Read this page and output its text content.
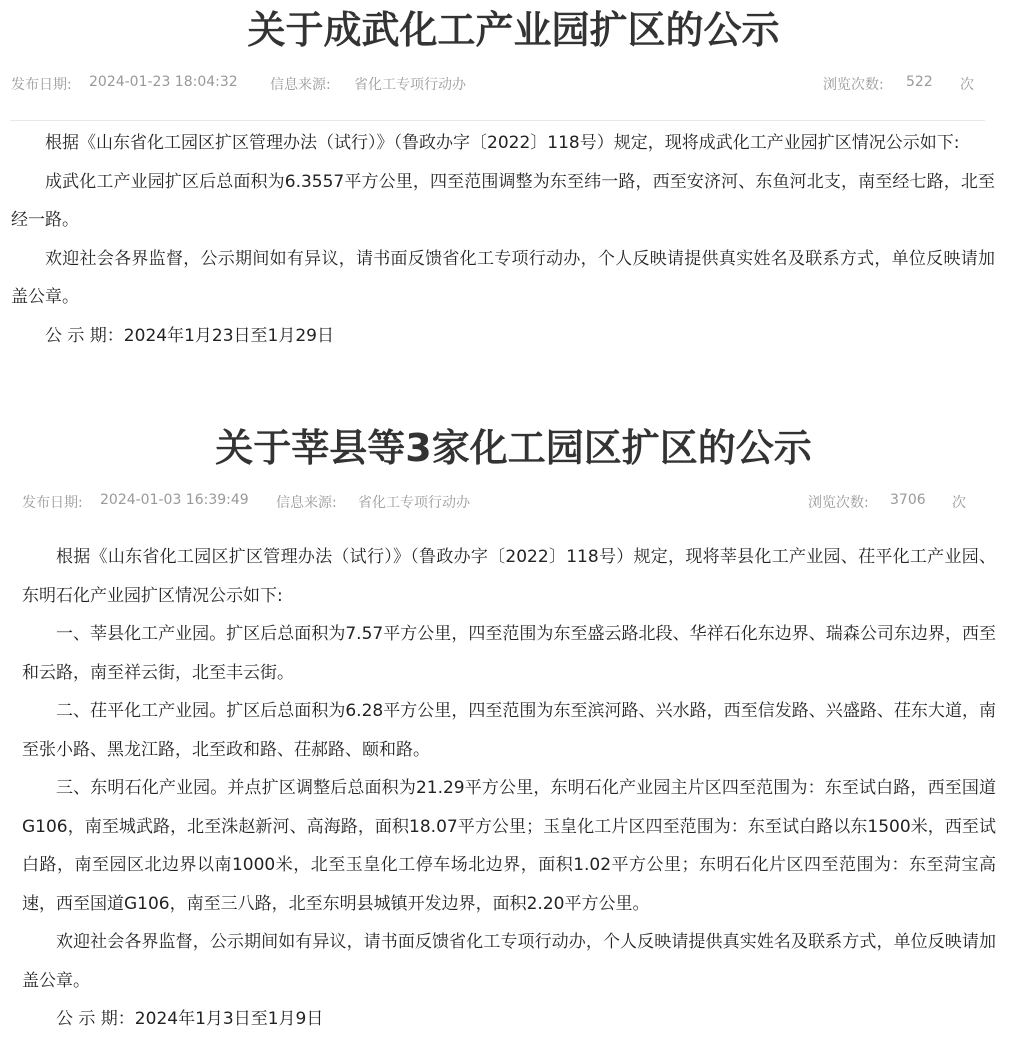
关于成武化工产业园扩区的公示
发布日期: 2024-01-23 18:04:32 信息来源: 省化工专项行动办	浏览次数: 522 次

根据《山东省化工园区扩区管理办法（试行）》（鲁政办字〔2022〕118号）规定，现将成武化工产业园扩区情况公示如下:

成武化工产业园扩区后总面积为6.3557平方公里，四至范围调整为东至纬一路，西至安济河、东鱼河北支，南至经七路，北至经一路。

欢迎社会各界监督，公示期间如有异议，请书面反馈省化工专项行动办，个人反映请提供真实姓名及联系方式，单位反映请加盖公章。

公 示 期：2024年1月23日至1月29日

关于莘县等3家化工园区扩区的公示
发布日期: 2024-01-03 16:39:49 信息来源: 省化工专项行动办	浏览次数: 3706 次

根据《山东省化工园区扩区管理办法（试行）》（鲁政办字〔2022〕118号）规定，现将莘县化工产业园、茌平化工产业园、东明石化产业园扩区情况公示如下:

一、莘县化工产业园。扩区后总面积为7.57平方公里，四至范围为东至盛云路北段、华祥石化东边界、瑞森公司东边界，西至和云路，南至祥云街，北至丰云街。

二、茌平化工产业园。扩区后总面积为6.28平方公里，四至范围为东至滨河路、兴水路，西至信发路、兴盛路、茌东大道，南至张小路、黑龙江路，北至政和路、茌郝路、颐和路。

三、东明石化产业园。并点扩区调整后总面积为21.29平方公里，东明石化产业园主片区四至范围为：东至试白路，西至国道G106，南至城武路，北至洙赵新河、高海路，面积18.07平方公里；玉皇化工片区四至范围为：东至试白路以东1500米，西至试白路，南至园区北边界以南1000米，北至玉皇化工停车场北边界，面积1.02平方公里；东明石化片区四至范围为：东至菏宝高速，西至国道G106，南至三八路，北至东明县城镇开发边界，面积2.20平方公里。

欢迎社会各界监督，公示期间如有异议，请书面反馈省化工专项行动办，个人反映请提供真实姓名及联系方式，单位反映请加盖公章。

公 示 期：2024年1月3日至1月9日
